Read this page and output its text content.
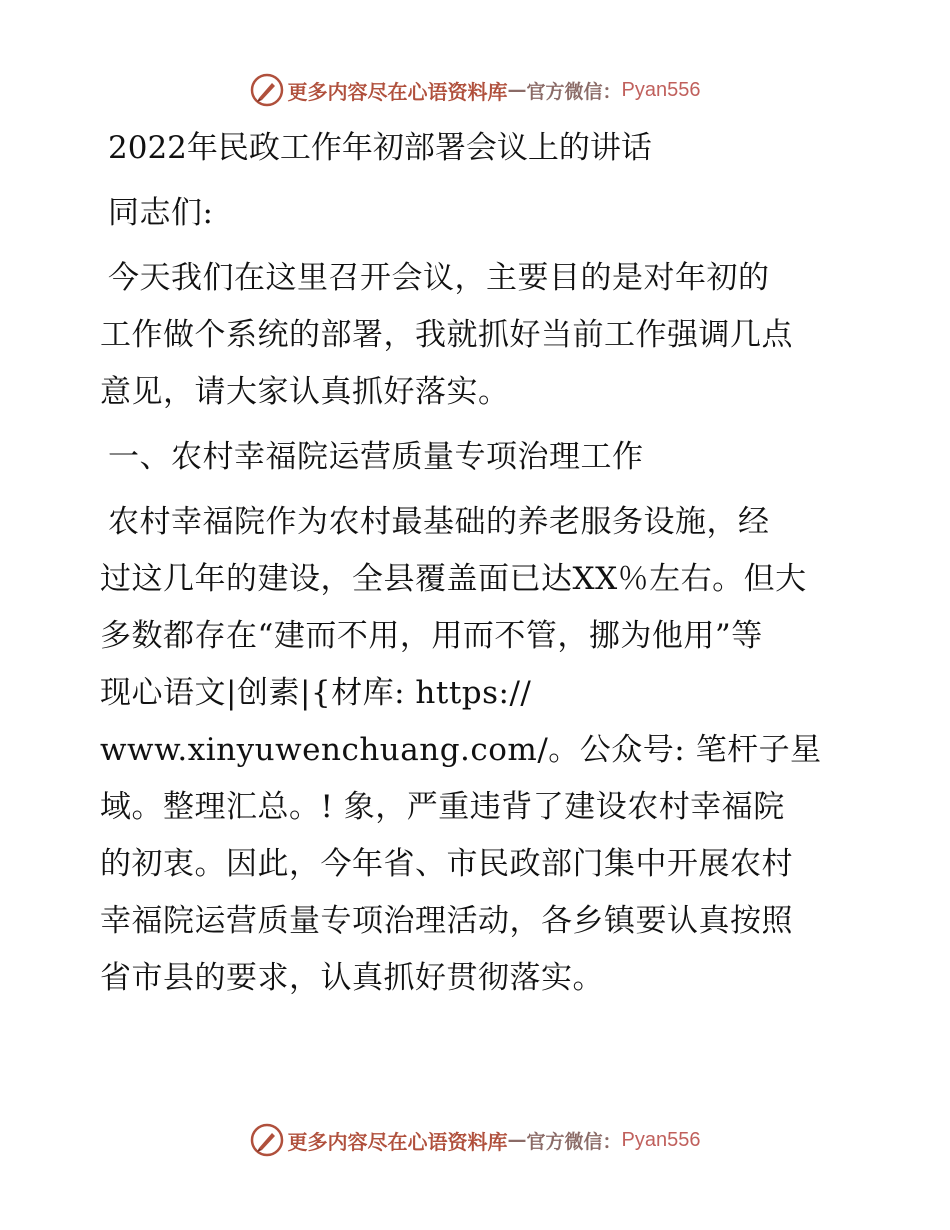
更多内容尽在心语资料库 — 官方微信： Pyan556
2022年民政工作年初部署会议上的讲话
同志们:
今天我们在这里召开会议，主要目的是对年初的
工作做个系统的部署，我就抓好当前工作强调几点
意见，请大家认真抓好落实。
一、农村幸福院运营质量专项治理工作
农村幸福院作为农村最基础的养老服务设施，经
过这几年的建设，全县覆盖面已达XX％左右。但大
多数都存在“建而不用，用而不管，挪为他用”等
现心语文|创素|{材库: https://
www.xinyuwenchuang.com/。公众号: 笔杆子星
域。整理汇总。! 象，严重违背了建设农村幸福院
的初衷。因此，今年省、市民政部门集中开展农村
幸福院运营质量专项治理活动，各乡镇要认真按照
省市县的要求，认真抓好贯彻落实。
更多内容尽在心语资料库 — 官方微信： Pyan556
